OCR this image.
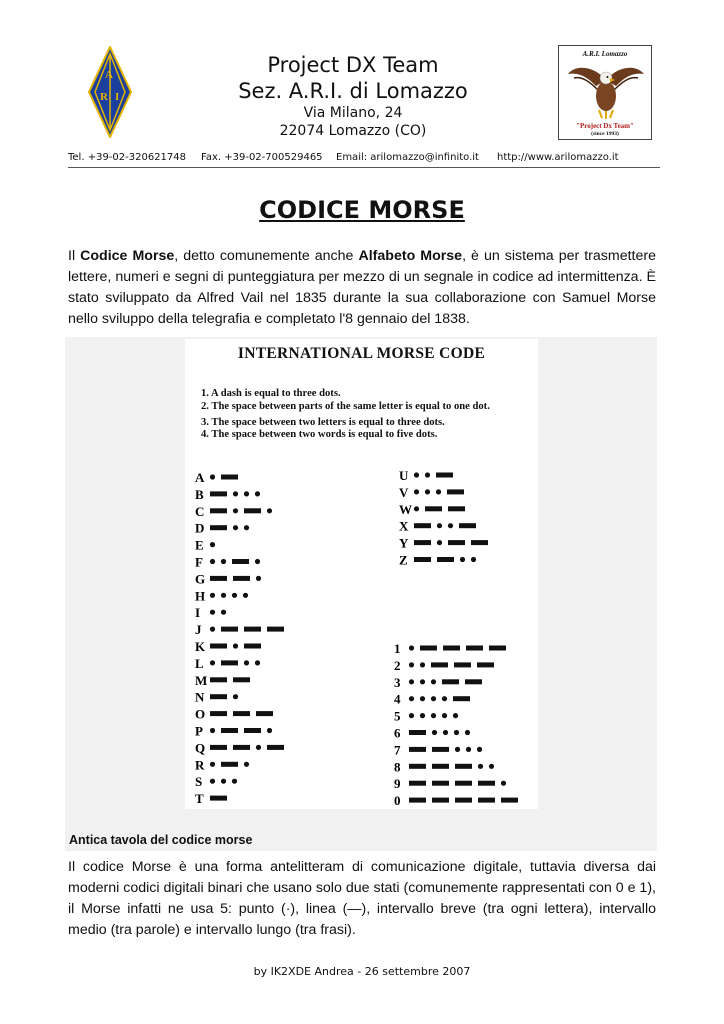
A
R I
Project DX Team
Sez. A.R.I. di Lomazzo
Via Milano, 24
22074 Lomazzo (CO)
A.R.I. Lomazzo
"Project Dx Team"
(since 1993)
Tel. +39-02-320621748 Fax. +39-02-700529465 Email: arilomazzo@infinito.it http://www.arilomazzo.it
CODICE MORSE
Il Codice Morse, detto comunemente anche Alfabeto Morse, è un sistema per trasmettere lettere, numeri e segni di punteggiatura per mezzo di un segnale in codice ad intermittenza. È stato sviluppato da Alfred Vail nel 1835 durante la sua collaborazione con Samuel Morse nello sviluppo della telegrafia e completato l'8 gennaio del 1838.
INTERNATIONAL MORSE CODE
1. A dash is equal to three dots.
2. The space between parts of the same letter is equal to one dot.
3. The space between two letters is equal to three dots.
4. The space between two words is equal to five dots.
A
B
C
D
E
F
G
H
I
J
K
L
M
N
O
P
Q
R
S
T
U
V
W
X
Y
Z
1
2
3
4
5
6
7
8
9
0
Antica tavola del codice morse
Il codice Morse è una forma antelitteram di comunicazione digitale, tuttavia diversa dai moderni codici digitali binari che usano solo due stati (comunemente rappresentati con 0 e 1), il Morse infatti ne usa 5: punto (·), linea (—), intervallo breve (tra ogni lettera), intervallo medio (tra parole) e intervallo lungo (tra frasi).
by IK2XDE Andrea - 26 settembre 2007
